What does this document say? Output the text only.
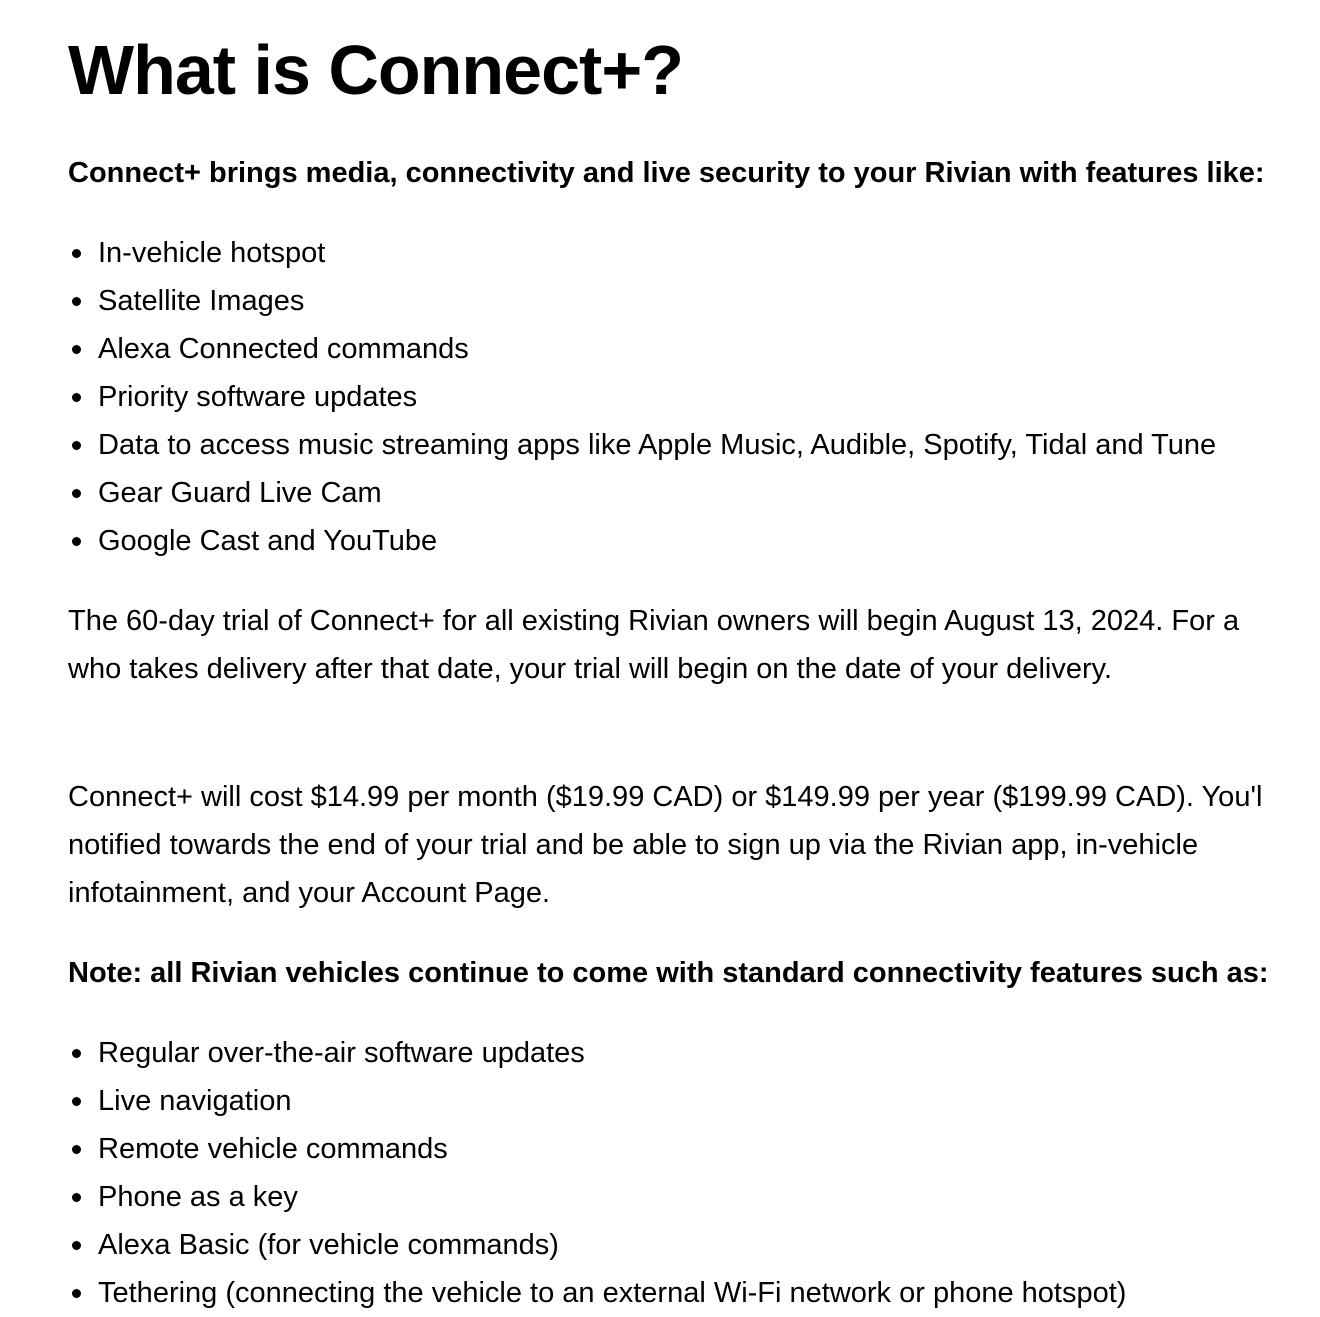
What is Connect+?

Connect+ brings media, connectivity and live security to your Rivian with features like:

In-vehicle hotspot
Satellite Images
Alexa Connected commands
Priority software updates
Data to access music streaming apps like Apple Music, Audible, Spotify, Tidal and Tune
Gear Guard Live Cam
Google Cast and YouTube

The 60-day trial of Connect+ for all existing Rivian owners will begin August 13, 2024. For a
who takes delivery after that date, your trial will begin on the date of your delivery.

Connect+ will cost $14.99 per month ($19.99 CAD) or $149.99 per year ($199.99 CAD). You'l
notified towards the end of your trial and be able to sign up via the Rivian app, in-vehicle
infotainment, and your Account Page.

Note: all Rivian vehicles continue to come with standard connectivity features such as:

Regular over-the-air software updates
Live navigation
Remote vehicle commands
Phone as a key
Alexa Basic (for vehicle commands)
Tethering (connecting the vehicle to an external Wi-Fi network or phone hotspot)
